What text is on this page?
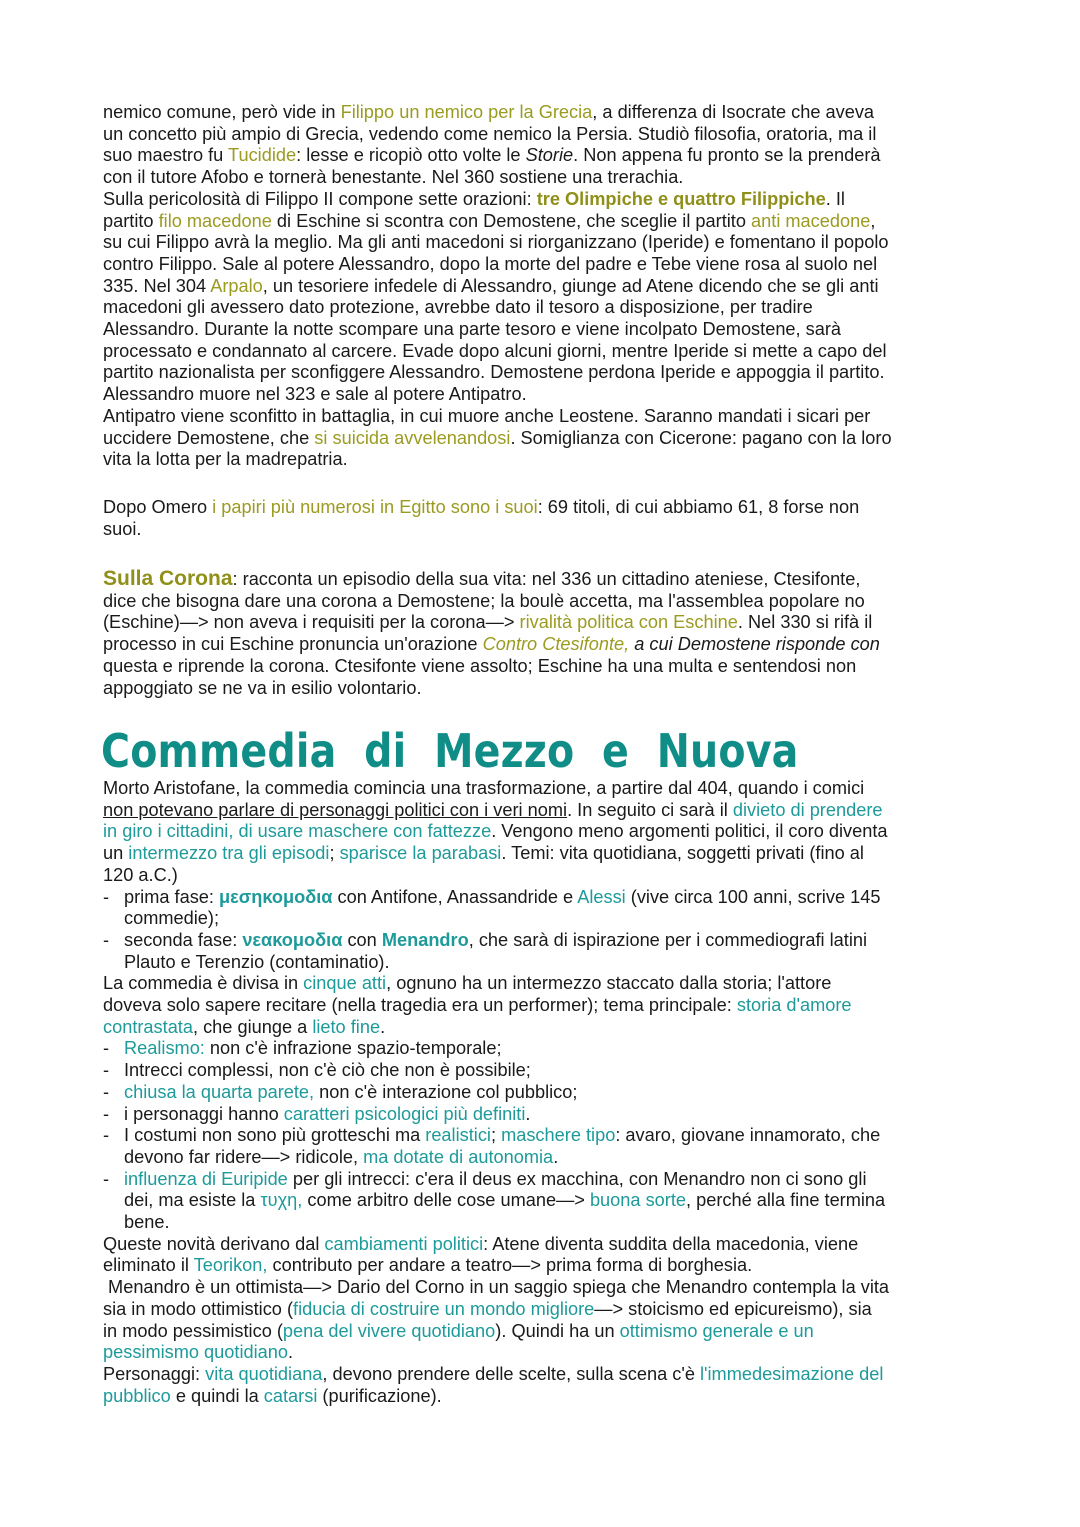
nemico comune, però vide in Filippo un nemico per la Grecia, a differenza di Isocrate che aveva

un concetto più ampio di Grecia, vedendo come nemico la Persia. Studiò filosofia, oratoria, ma il

suo maestro fu Tucidide: lesse e ricopiò otto volte le Storie. Non appena fu pronto se la prenderà

con il tutore Afobo e tornerà benestante. Nel 360 sostiene una trerachia.

Sulla pericolosità di Filippo II compone sette orazioni: tre Olimpiche e quattro Filippiche. Il

partito filo macedone di Eschine si scontra con Demostene, che sceglie il partito anti macedone,

su cui Filippo avrà la meglio. Ma gli anti macedoni si riorganizzano (Iperide) e fomentano il popolo

contro Filippo. Sale al potere Alessandro, dopo la morte del padre e Tebe viene rosa al suolo nel

335. Nel 304 Arpalo, un tesoriere infedele di Alessandro, giunge ad Atene dicendo che se gli anti

macedoni gli avessero dato protezione, avrebbe dato il tesoro a disposizione, per tradire

Alessandro. Durante la notte scompare una parte tesoro e viene incolpato Demostene, sarà

processato e condannato al carcere. Evade dopo alcuni giorni, mentre Iperide si mette a capo del

partito nazionalista per sconfiggere Alessandro. Demostene perdona Iperide e appoggia il partito.

Alessandro muore nel 323 e sale al potere Antipatro.

Antipatro viene sconfitto in battaglia, in cui muore anche Leostene. Saranno mandati i sicari per

uccidere Demostene, che si suicida avvelenandosi. Somiglianza con Cicerone: pagano con la loro

vita la lotta per la madrepatria.

Dopo Omero i papiri più numerosi in Egitto sono i suoi: 69 titoli, di cui abbiamo 61, 8 forse non

suoi.

Sulla Corona: racconta un episodio della sua vita: nel 336 un cittadino ateniese, Ctesifonte,

dice che bisogna dare una corona a Demostene; la boulè accetta, ma l'assemblea popolare no

(Eschine)—> non aveva i requisiti per la corona—> rivalità politica con Eschine. Nel 330 si rifà il

processo in cui Eschine pronuncia un'orazione Contro Ctesifonte, a cui Demostene risponde con

questa e riprende la corona. Ctesifonte viene assolto; Eschine ha una multa e sentendosi non

appoggiato se ne va in esilio volontario.

Commedia di Mezzo e Nuova

Morto Aristofane, la commedia comincia una trasformazione, a partire dal 404, quando i comici

non potevano parlare di personaggi politici con i veri nomi. In seguito ci sarà il divieto di prendere

in giro i cittadini, di usare maschere con fattezze. Vengono meno argomenti politici, il coro diventa

un intermezzo tra gli episodi; sparisce la parabasi. Temi: vita quotidiana, soggetti privati (fino al

120 a.C.)

- prima fase: μεσηκομοδια con Antifone, Anassandride e Alessi (vive circa 100 anni, scrive 145

commedie);

- seconda fase: νεακομοδια con Menandro, che sarà di ispirazione per i commediografi latini

Plauto e Terenzio (contaminatio).

La commedia è divisa in cinque atti, ognuno ha un intermezzo staccato dalla storia; l'attore

doveva solo sapere recitare (nella tragedia era un performer); tema principale: storia d'amore

contrastata, che giunge a lieto fine.

- Realismo: non c'è infrazione spazio-temporale;

- Intrecci complessi, non c'è ciò che non è possibile;

- chiusa la quarta parete, non c'è interazione col pubblico;

- i personaggi hanno caratteri psicologici più definiti.

- I costumi non sono più grotteschi ma realistici; maschere tipo: avaro, giovane innamorato, che

devono far ridere—> ridicole, ma dotate di autonomia.

- influenza di Euripide per gli intrecci: c'era il deus ex macchina, con Menandro non ci sono gli

dei, ma esiste la τυχη, come arbitro delle cose umane—> buona sorte, perché alla fine termina

bene.

Queste novità derivano dal cambiamenti politici: Atene diventa suddita della macedonia, viene

eliminato il Teorikon, contributo per andare a teatro—> prima forma di borghesia.

Menandro è un ottimista—> Dario del Corno in un saggio spiega che Menandro contempla la vita

sia in modo ottimistico (fiducia di costruire un mondo migliore—> stoicismo ed epicureismo), sia

in modo pessimistico (pena del vivere quotidiano). Quindi ha un ottimismo generale e un

pessimismo quotidiano.

Personaggi: vita quotidiana, devono prendere delle scelte, sulla scena c'è l'immedesimazione del

pubblico e quindi la catarsi (purificazione).
